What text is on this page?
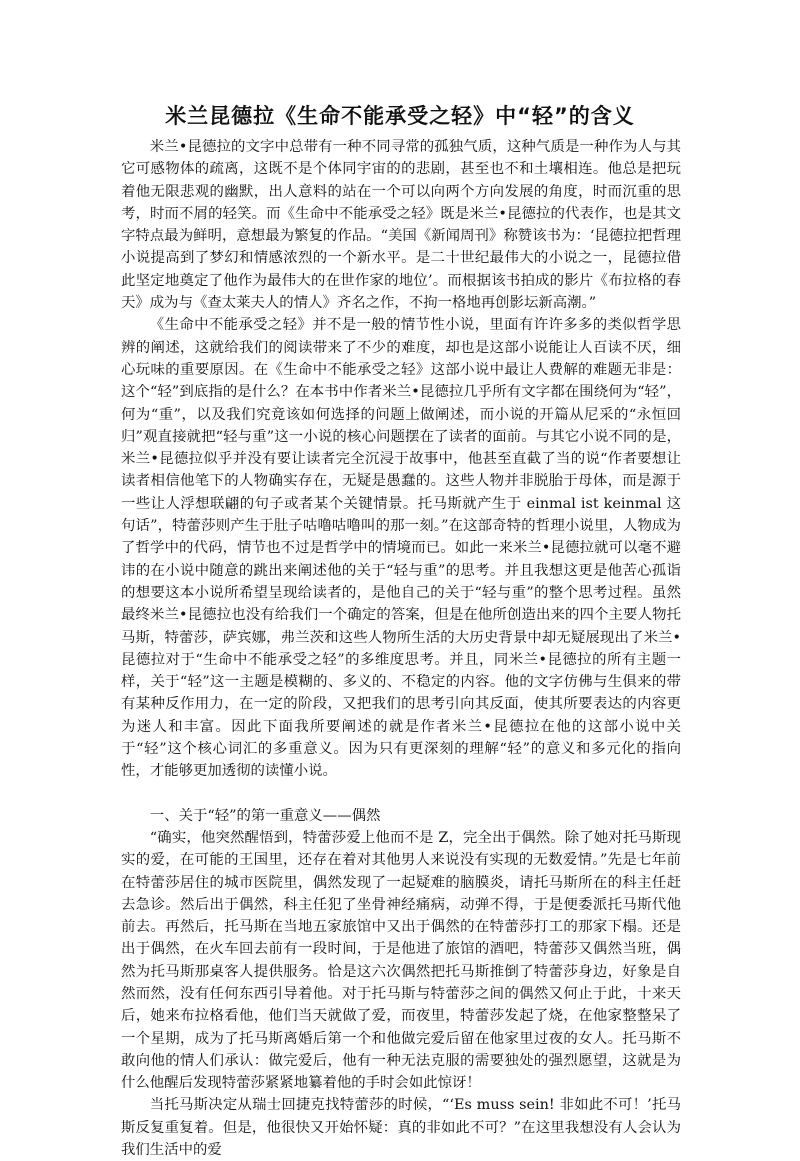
米兰昆德拉《生命不能承受之轻》中“轻”的含义

米兰•昆德拉的文字中总带有一种不同寻常的孤独气质，这种气质是一种作为人与其它可感物体的疏离，这既不是个体同宇宙的的悲剧，甚至也不和土壤相连。他总是把玩着他无限悲观的幽默，出人意料的站在一个可以向两个方向发展的角度，时而沉重的思考，时而不屑的轻笑。而《生命中不能承受之轻》既是米兰•昆德拉的代表作，也是其文字特点最为鲜明，意想最为繁复的作品。“美国《新闻周刊》称赞该书为：‘昆德拉把哲理小说提高到了梦幻和情感浓烈的一个新水平。是二十世纪最伟大的小说之一，昆德拉借此坚定地奠定了他作为最伟大的在世作家的地位’。而根据该书拍成的影片《布拉格的春天》成为与《查太莱夫人的情人》齐名之作，不拘一格地再创影坛新高潮。”

《生命中不能承受之轻》并不是一般的情节性小说，里面有许许多多的类似哲学思辨的阐述，这就给我们的阅读带来了不少的难度，却也是这部小说能让人百读不厌，细心玩味的重要原因。在《生命中不能承受之轻》这部小说中最让人费解的难题无非是：这个“轻”到底指的是什么？在本书中作者米兰•昆德拉几乎所有文字都在围绕何为“轻”，何为“重”，以及我们究竟该如何选择的问题上做阐述，而小说的开篇从尼采的“永恒回归”观直接就把“轻与重”这一小说的核心问题摆在了读者的面前。与其它小说不同的是，米兰•昆德拉似乎并没有要让读者完全沉浸于故事中，他甚至直截了当的说“作者要想让读者相信他笔下的人物确实存在，无疑是愚蠢的。这些人物并非脱胎于母体，而是源于一些让人浮想联翩的句子或者某个关键情景。托马斯就产生于 einmal ist keinmal 这句话”，特蕾莎则产生于肚子咕噜咕噜叫的那一刻。”在这部奇特的哲理小说里，人物成为了哲学中的代码，情节也不过是哲学中的情境而已。如此一来米兰•昆德拉就可以毫不避讳的在小说中随意的跳出来阐述他的关于“轻与重”的思考。并且我想这更是他苦心孤诣的想要这本小说所希望呈现给读者的，是他自己的关于“轻与重”的整个思考过程。虽然最终米兰•昆德拉也没有给我们一个确定的答案，但是在他所创造出来的四个主要人物托马斯，特蕾莎，萨宾娜，弗兰茨和这些人物所生活的大历史背景中却无疑展现出了米兰•昆德拉对于“生命中不能承受之轻”的多维度思考。并且，同米兰•昆德拉的所有主题一样，关于“轻”这一主题是模糊的、多义的、不稳定的内容。他的文字仿佛与生俱来的带有某种反作用力，在一定的阶段，又把我们的思考引向其反面，使其所要表达的内容更为迷人和丰富。因此下面我所要阐述的就是作者米兰•昆德拉在他的这部小说中关于“轻”这个核心词汇的多重意义。因为只有更深刻的理解“轻”的意义和多元化的指向性，才能够更加透彻的读懂小说。

一、关于“轻”的第一重意义——偶然

“确实，他突然醒悟到，特蕾莎爱上他而不是 Z，完全出于偶然。除了她对托马斯现实的爱，在可能的王国里，还存在着对其他男人来说没有实现的无数爱情。”先是七年前在特蕾莎居住的城市医院里，偶然发现了一起疑难的脑膜炎，请托马斯所在的科主任赶去急诊。然后出于偶然，科主任犯了坐骨神经痛病，动弹不得，于是便委派托马斯代他前去。再然后，托马斯在当地五家旅馆中又出于偶然的在特蕾莎打工的那家下榻。还是出于偶然，在火车回去前有一段时间，于是他进了旅馆的酒吧，特蕾莎又偶然当班，偶然为托马斯那桌客人提供服务。恰是这六次偶然把托马斯推倒了特蕾莎身边，好象是自然而然，没有任何东西引导着他。对于托马斯与特蕾莎之间的偶然又何止于此，十来天后，她来布拉格看他，他们当天就做了爱，而夜里，特蕾莎发起了烧，在他家整整呆了一个星期，成为了托马斯离婚后第一个和他做完爱后留在他家里过夜的女人。托马斯不敢向他的情人们承认：做完爱后，他有一种无法克服的需要独处的强烈愿望，这就是为什么他醒后发现特蕾莎紧紧地纂着他的手时会如此惊讶！

当托马斯决定从瑞士回捷克找特蕾莎的时候，“‘Es muss sein! 非如此不可！’托马斯反复重复着。但是，他很快又开始怀疑：真的非如此不可？”在这里我想没有人会认为我们生活中的爱
